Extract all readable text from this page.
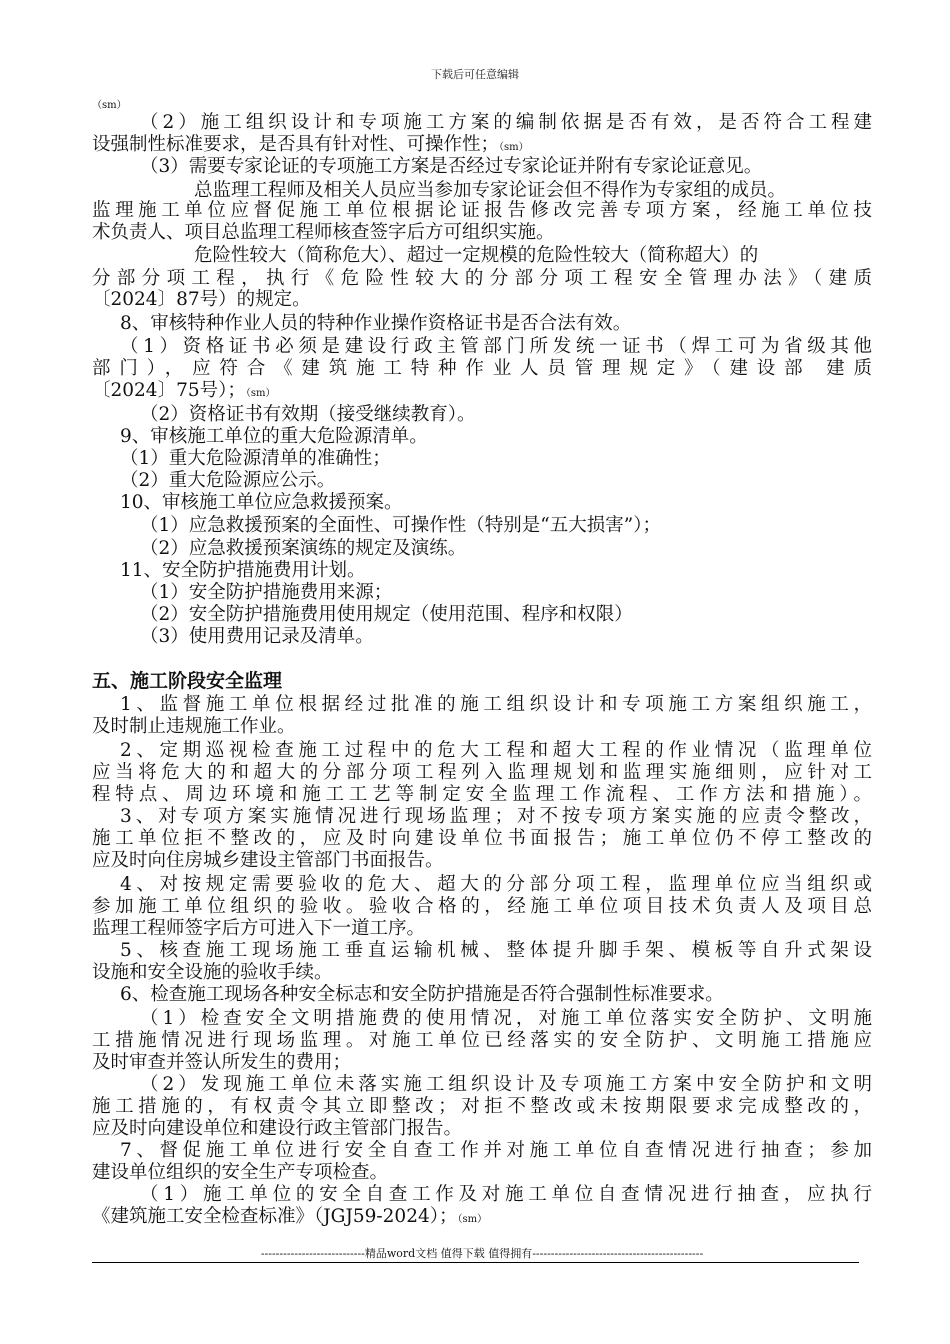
下载后可任意编辑
（sm）
（2）施工组织设计和专项施工方案的编制依据是否有效，是否符合工程建
设强制性标准要求，是否具有针对性、可操作性；（sm）
（3）需要专家论证的专项施工方案是否经过专家论证并附有专家论证意见。
总监理工程师及相关人员应当参加专家论证会但不得作为专家组的成员。
监理施工单位应督促施工单位根据论证报告修改完善专项方案，经施工单位技
术负责人、项目总监理工程师核查签字后方可组织实施。
危险性较大（简称危大）、超过一定规模的危险性较大（简称超大）的
分部分项工程，执行《危险性较大的分部分项工程安全管理办法》（建质
〔2024〕87号）的规定。
8、审核特种作业人员的特种作业操作资格证书是否合法有效。
（1）资格证书必须是建设行政主管部门所发统一证书（焊工可为省级其他
部门），应符合《建筑施工特种作业人员管理规定》（建设部 建质
〔2024〕75号）；（sm）
（2）资格证书有效期（接受继续教育）。
9、审核施工单位的重大危险源清单。
（1）重大危险源清单的准确性；
（2）重大危险源应公示。
10、审核施工单位应急救援预案。
（1）应急救援预案的全面性、可操作性（特别是“五大损害”）；
（2）应急救援预案演练的规定及演练。
11、安全防护措施费用计划。
（1）安全防护措施费用来源；
（2）安全防护措施费用使用规定（使用范围、程序和权限）
（3）使用费用记录及清单。
五、施工阶段安全监理
1、监督施工单位根据经过批准的施工组织设计和专项施工方案组织施工，
及时制止违规施工作业。
2、定期巡视检查施工过程中的危大工程和超大工程的作业情况（监理单位
应当将危大的和超大的分部分项工程列入监理规划和监理实施细则，应针对工
程特点、周边环境和施工工艺等制定安全监理工作流程、工作方法和措施）。
3、对专项方案实施情况进行现场监理；对不按专项方案实施的应责令整改，
施工单位拒不整改的，应及时向建设单位书面报告；施工单位仍不停工整改的
应及时向住房城乡建设主管部门书面报告。
4、对按规定需要验收的危大、超大的分部分项工程，监理单位应当组织或
参加施工单位组织的验收。验收合格的，经施工单位项目技术负责人及项目总
监理工程师签字后方可进入下一道工序。
5、核查施工现场施工垂直运输机械、整体提升脚手架、模板等自升式架设
设施和安全设施的验收手续。
6、检查施工现场各种安全标志和安全防护措施是否符合强制性标准要求。
（1）检查安全文明措施费的使用情况，对施工单位落实安全防护、文明施
工措施情况进行现场监理。对施工单位已经落实的安全防护、文明施工措施应
及时审查并签认所发生的费用；
（2）发现施工单位未落实施工组织设计及专项施工方案中安全防护和文明
施工措施的，有权责令其立即整改；对拒不整改或未按期限要求完成整改的，
应及时向建设单位和建设行政主管部门报告。
7、督促施工单位进行安全自查工作并对施工单位自查情况进行抽查；参加
建设单位组织的安全生产专项检查。
（1）施工单位的安全自查工作及对施工单位自查情况进行抽查，应执行
《建筑施工安全检查标准》（JGJ59-2024）；（sm）
----------------------------精品word文档 值得下载 值得拥有----------------------------------------------
